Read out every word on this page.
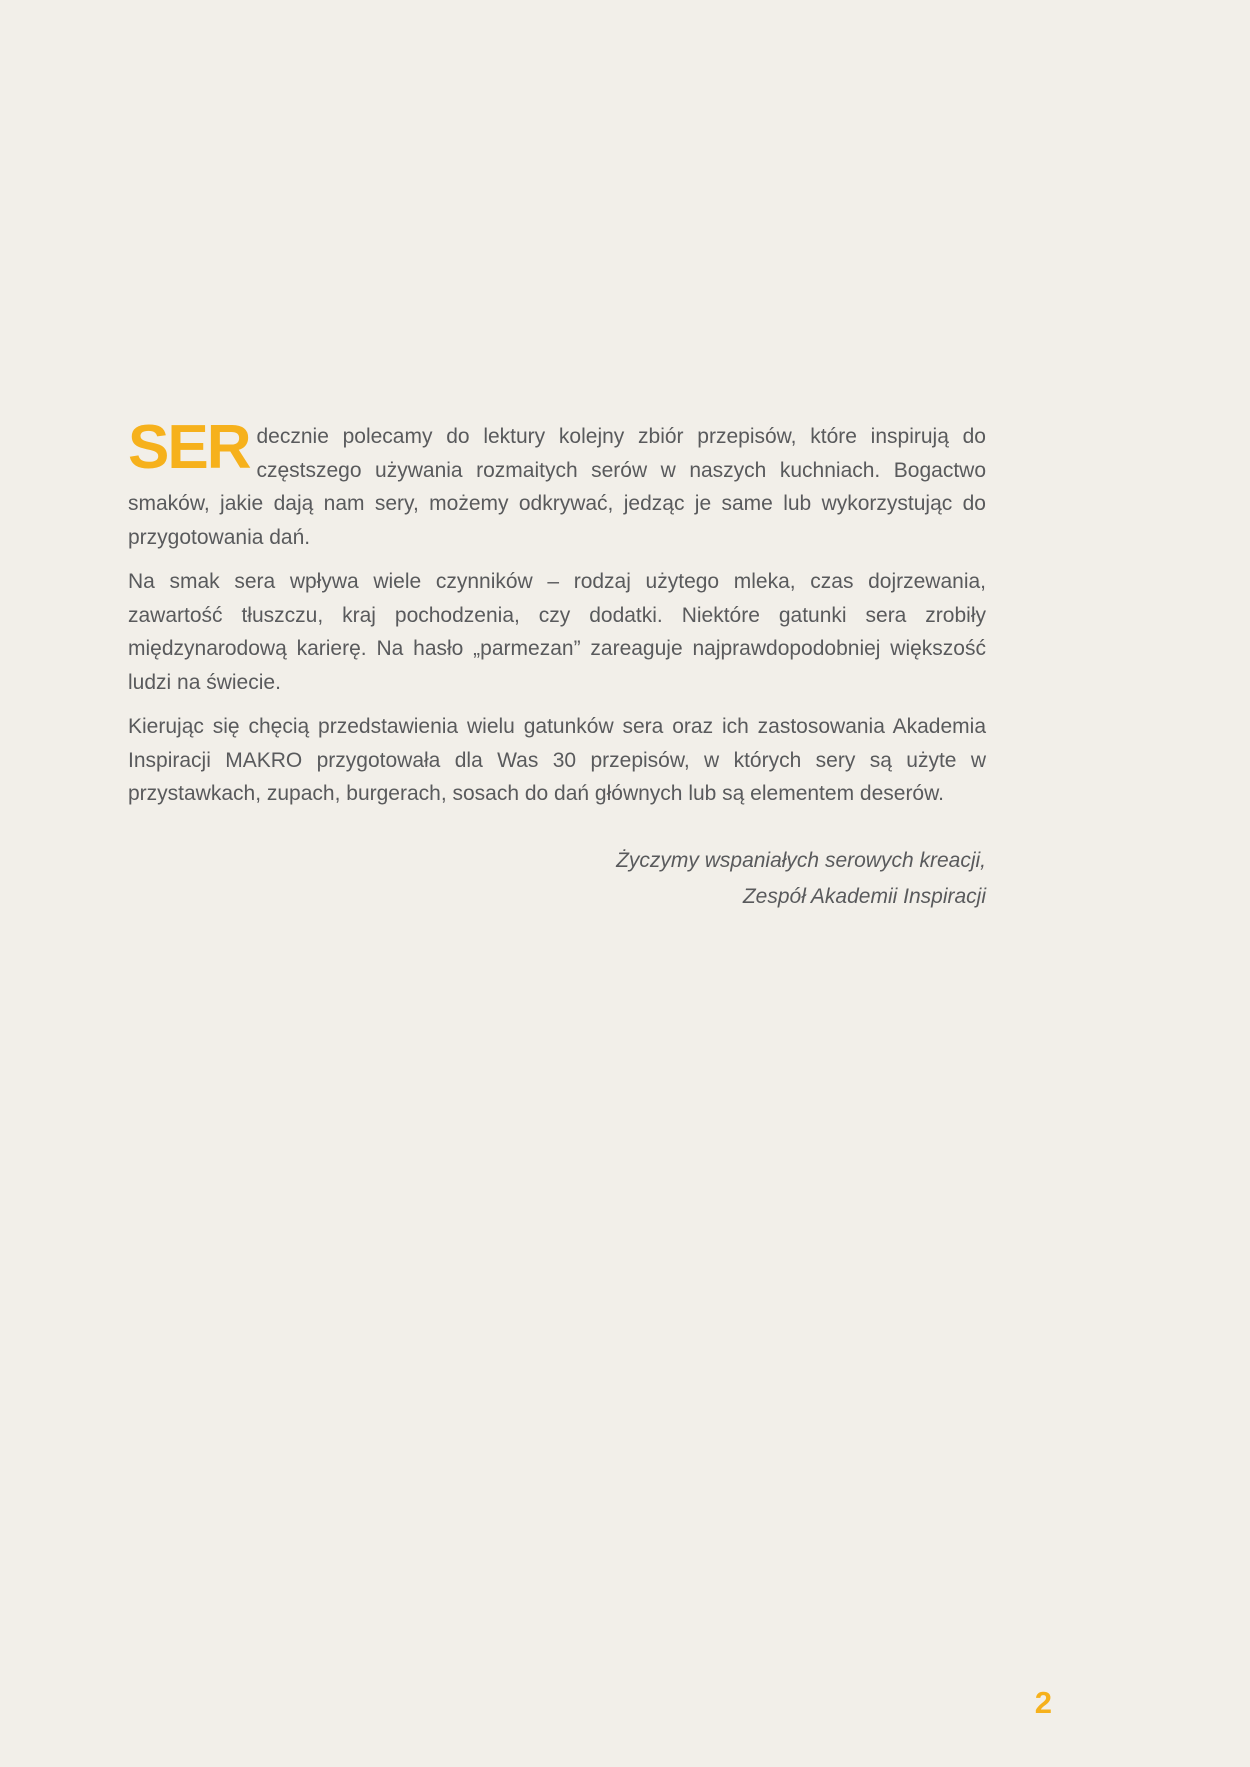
SER decznie polecamy do lektury kolejny zbiór przepisów, które inspirują do częstszego używania rozmaitych serów w naszych kuchniach. Bogactwo smaków, jakie dają nam sery, możemy odkrywać, jedząc je same lub wykorzystując do przygotowania dań.

Na smak sera wpływa wiele czynników – rodzaj użytego mleka, czas dojrzewania, zawartość tłuszczu, kraj pochodzenia, czy dodatki. Niektóre gatunki sera zrobiły międzynarodową karierę. Na hasło „parmezan” zareaguje najprawdopodobniej większość ludzi na świecie.

Kierując się chęcią przedstawienia wielu gatunków sera oraz ich zastosowania Akademia Inspiracji MAKRO przygotowała dla Was 30 przepisów, w których sery są użyte w przystawkach, zupach, burgerach, sosach do dań głównych lub są elementem deserów.

Życzymy wspaniałych serowych kreacji,

Zespół Akademii Inspiracji

2
